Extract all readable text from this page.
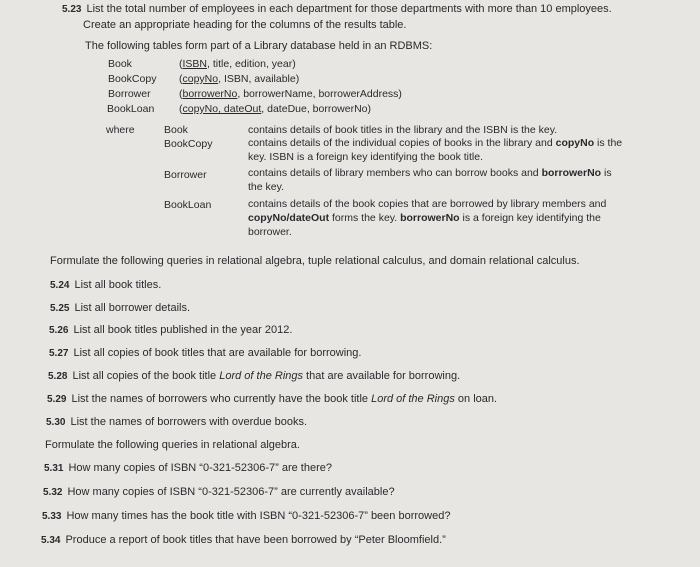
5.23 List the total number of employees in each department for those departments with more than 10 employees.
Create an appropriate heading for the columns of the results table.
The following tables form part of a Library database held in an RDBMS:
Book	(ISBN, title, edition, year)
BookCopy (copyNo, ISBN, available)
Borrower	(borrowerNo, borrowerName, borrowerAddress)
BookLoan (copyNo, dateOut, dateDue, borrowerNo)
where	Book	contains details of book titles in the library and the ISBN is the key.
BookCopy	contains details of the individual copies of books in the library and copyNo is the
key. ISBN is a foreign key identifying the book title.
Borrower	contains details of library members who can borrow books and borrowerNo is
the key.
BookLoan	contains details of the book copies that are borrowed by library members and
copyNo/dateOut forms the key. borrowerNo is a foreign key identifying the
borrower.
Formulate the following queries in relational algebra, tuple relational calculus, and domain relational calculus.
5.24 List all book titles.
5.25 List all borrower details.
5.26 List all book titles published in the year 2012.
5.27 List all copies of book titles that are available for borrowing.
5.28 List all copies of the book title Lord of the Rings that are available for borrowing.
5.29 List the names of borrowers who currently have the book title Lord of the Rings on loan.
5.30 List the names of borrowers with overdue books.
Formulate the following queries in relational algebra.
5.31 How many copies of ISBN “0-321-52306-7” are there?
5.32 How many copies of ISBN “0-321-52306-7” are currently available?
5.33 How many times has the book title with ISBN “0-321-52306-7” been borrowed?
5.34 Produce a report of book titles that have been borrowed by “Peter Bloomfield.”
